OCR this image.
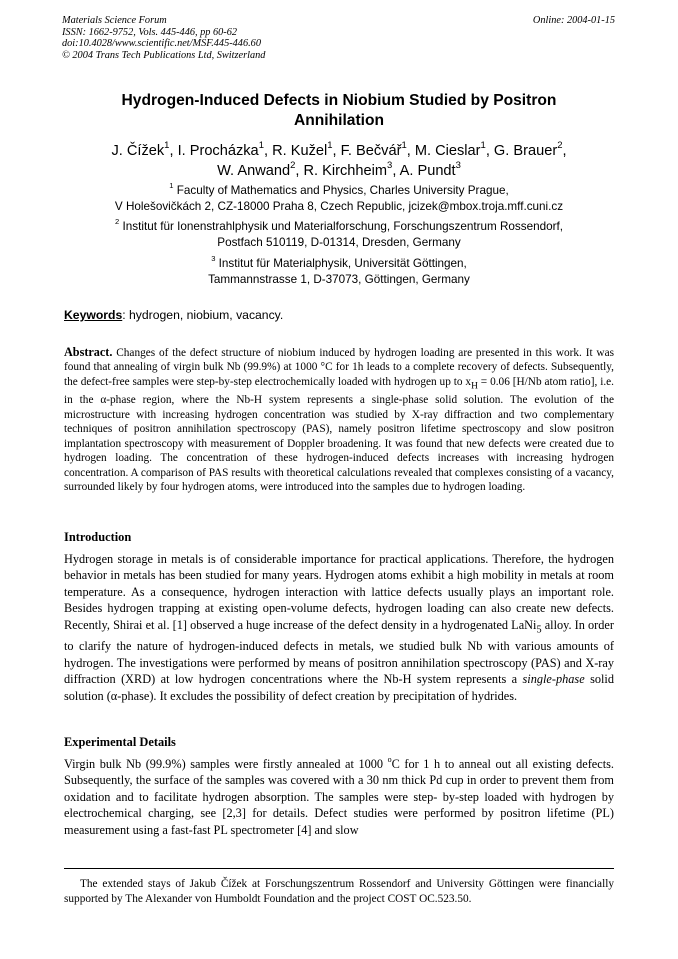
Materials Science Forum
ISSN: 1662-9752, Vols. 445-446, pp 60-62
doi:10.4028/www.scientific.net/MSF.445-446.60
© 2004 Trans Tech Publications Ltd, Switzerland
Online: 2004-01-15
Hydrogen-Induced Defects in Niobium Studied by Positron
Annihilation
J. Čížek$^1$, I. Procházka$^1$, R. Kužel$^1$, F. Bečvář$^1$, M. Cieslar$^1$, G. Brauer$^2$,
W. Anwand$^2$, R. Kirchheim$^3$, A. Pundt$^3$
$^1$ Faculty of Mathematics and Physics, Charles University Prague,
V Holešovičkách 2, CZ-18000 Praha 8, Czech Republic, jcizek@mbox.troja.mff.cuni.cz
$^2$ Institut für Ionenstrahlphysik und Materialforschung, Forschungszentrum Rossendorf,
Postfach 510119, D-01314, Dresden, Germany
$^3$ Institut für Materialphysik, Universität Göttingen,
Tammannstrasse 1, D-37073, Göttingen, Germany
Keywords: hydrogen, niobium, vacancy.
Abstract. Changes of the defect structure of niobium induced by hydrogen loading are presented in this work. It was found that annealing of virgin bulk Nb (99.9%) at 1000 °C for 1h leads to a complete recovery of defects. Subsequently, the defect-free samples were step-by-step electrochemically loaded with hydrogen up to $x_H = 0.06$ [H/Nb atom ratio], i.e. in the α-phase region, where the Nb-H system represents a single-phase solid solution. The evolution of the microstructure with increasing hydrogen concentration was studied by X-ray diffraction and two complementary techniques of positron annihilation spectroscopy (PAS), namely positron lifetime spectroscopy and slow positron implantation spectroscopy with measurement of Doppler broadening. It was found that new defects were created due to hydrogen loading. The concentration of these hydrogen-induced defects increases with increasing hydrogen concentration. A comparison of PAS results with theoretical calculations revealed that complexes consisting of a vacancy, surrounded likely by four hydrogen atoms, were introduced into the samples due to hydrogen loading.
Introduction
Hydrogen storage in metals is of considerable importance for practical applications. Therefore, the hydrogen behavior in metals has been studied for many years. Hydrogen atoms exhibit a high mobility in metals at room temperature. As a consequence, hydrogen interaction with lattice defects usually plays an important role. Besides hydrogen trapping at existing open-volume defects, hydrogen loading can also create new defects. Recently, Shirai et al. [1] observed a huge increase of the defect density in a hydrogenated LaNi$_5$ alloy. In order to clarify the nature of hydrogen-induced defects in metals, we studied bulk Nb with various amounts of hydrogen. The investigations were performed by means of positron annihilation spectroscopy (PAS) and X-ray diffraction (XRD) at low hydrogen concentrations where the Nb-H system represents a single-phase solid solution (α-phase). It excludes the possibility of defect creation by precipitation of hydrides.
Experimental Details
Virgin bulk Nb (99.9%) samples were firstly annealed at 1000 $^o$C for 1 h to anneal out all existing defects. Subsequently, the surface of the samples was covered with a 30 nm thick Pd cup in order to prevent them from oxidation and to facilitate hydrogen absorption. The samples were step- by-step loaded with hydrogen by electrochemical charging, see [2,3] for details. Defect studies were performed by positron lifetime (PL) measurement using a fast-fast PL spectrometer [4] and slow
The extended stays of Jakub Čížek at Forschungszentrum Rossendorf and University Göttingen were financially supported by The Alexander von Humboldt Foundation and the project COST OC.523.50.
